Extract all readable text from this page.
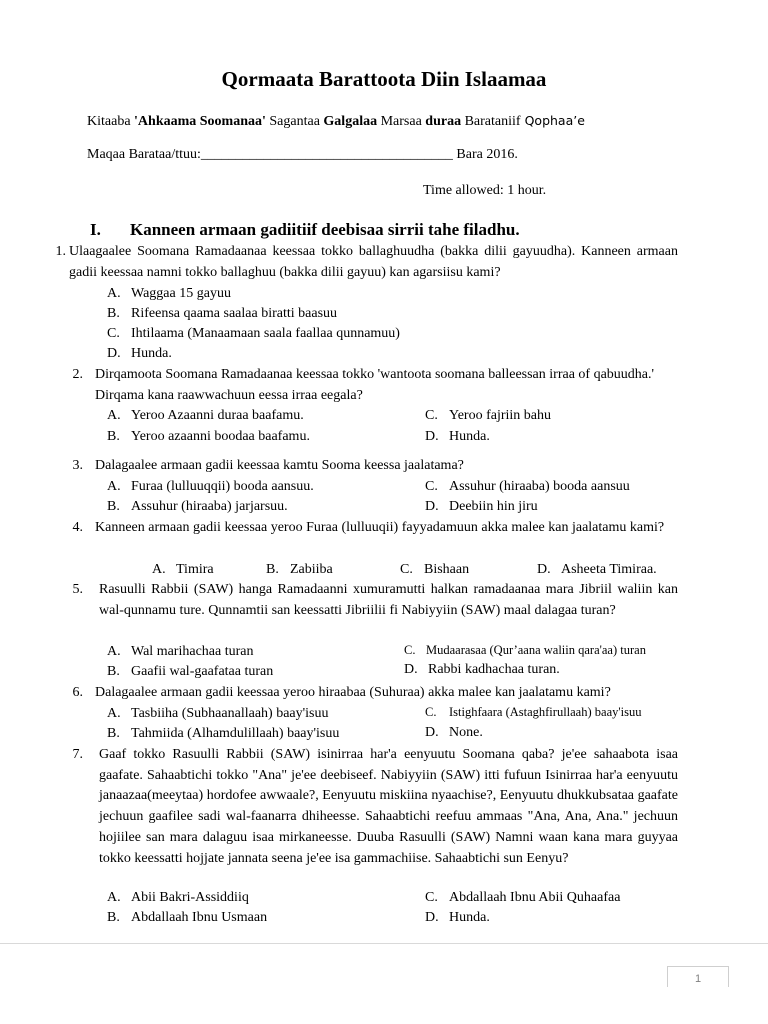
Qormaata Barattoota Diin Islaamaa
Kitaaba 'Ahkaama Soomanaa' Sagantaa Galgalaa Marsaa duraa Barataniif Qophaa’e
Maqaa Barataa/ttuu:____________________________________ Bara 2016.
Time allowed: 1 hour.
I. Kanneen armaan gadiitiif deebisaa sirrii tahe filadhu.
1. Ulaagaalee Soomana Ramadaanaa keessaa tokko ballaghuudha (bakka dilii gayuudha). Kanneen armaan gadii keessaa namni tokko ballaghuu (bakka dilii gayuu) kan agarsiisu kami?
A. Waggaa 15 gayuu
B. Rifeensa qaama saalaa biratti baasuu
C. Ihtilaama (Manaamaan saala faallaa qunnamuu)
D. Hunda.
2. Dirqamoota Soomana Ramadaanaa keessaa tokko 'wantoota soomana balleessan irraa of qabuudha.' Dirqama kana raawwachuun eessa irraa eegala?
A. Yeroo Azaanni duraa baafamu.	C. Yeroo fajriin bahu
B. Yeroo azaanni boodaa baafamu.	D. Hunda.
3. Dalagaalee armaan gadii keessaa kamtu Sooma keessa jaalatama?
A. Furaa (lulluuqqii) booda aansuu.	C. Assuhur (hiraaba) booda aansuu
B. Assuhur (hiraaba) jarjarsuu.	D. Deebiin hin jiru
4. Kanneen armaan gadii keessaa yeroo Furaa (lulluuqii) fayyadamuun akka malee kan jaalatamu kami?
A. Timira	B. Zabiiba	C. Bishaan	D. Asheeta Timiraa.
5. Rasuulli Rabbii (SAW) hanga Ramadaanni xumuramutti halkan ramadaanaa mara Jibriil waliin kan wal-qunnamu ture. Qunnamtii san keessatti Jibriilii fi Nabiyyiin (SAW) maal dalagaa turan?
A. Wal marihachaa turan	C. Mudaarasaa (Qur’aana waliin qara'aa) turan
B. Gaafii wal-gaafataa turan	D. Rabbi kadhachaa turan.
6. Dalagaalee armaan gadii keessaa yeroo hiraabaa (Suhuraa) akka malee kan jaalatamu kami?
A. Tasbiiha (Subhaanallaah) baay'isuu	C. Istighfaara (Astaghfirullaah) baay'isuu
B. Tahmiida (Alhamdulillaah) baay'isuu	D. None.
7. Gaaf tokko Rasuulli Rabbii (SAW) isinirraa har'a eenyuutu Soomana qaba? je'ee sahaabota isaa gaafate. Sahaabtichi tokko "Ana" je'ee deebiseef. Nabiyyiin (SAW) itti fufuun Isinirraa har'a eenyuutu janaazaa(meeytaa) hordofee awwaale?, Eenyuutu miskiina nyaachise?, Eenyuutu dhukkubsataa gaafate jechuun gaafilee sadi wal-faanarra dhiheesse. Sahaabtichi reefuu ammaas "Ana, Ana, Ana." jechuun hojiilee san mara dalaguu isaa mirkaneesse. Duuba Rasuulli (SAW) Namni waan kana mara guyyaa tokko keessatti hojjate jannata seena je'ee isa gammachiise. Sahaabtichi sun Eenyu?
A. Abii Bakri-Assiddiiq	C. Abdallaah Ibnu Abii Quhaafaa
B. Abdallaah Ibnu Usmaan	D. Hunda.
1
